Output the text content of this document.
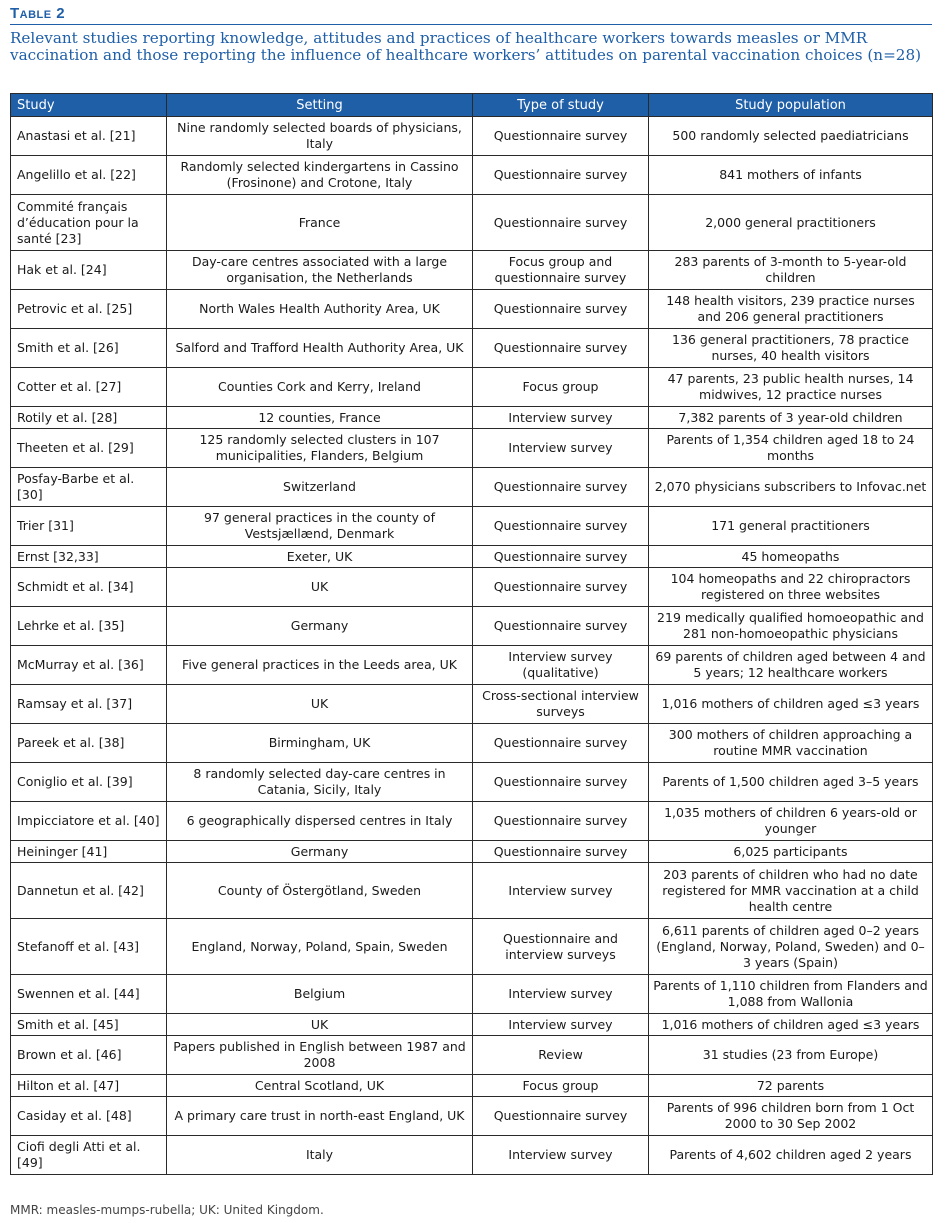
Table 2
Relevant studies reporting knowledge, attitudes and practices of healthcare workers towards measles or MMR vaccination and those reporting the influence of healthcare workers’ attitudes on parental vaccination choices (n=28)
Study	Setting	Type of study	Study population
Anastasi et al. [21]	Nine randomly selected boards of physicians, Italy	Questionnaire survey	500 randomly selected paediatricians
Angelillo et al. [22]	Randomly selected kindergartens in Cassino (Frosinone) and Crotone, Italy	Questionnaire survey	841 mothers of infants
Commité français d’éducation pour la santé [23]	France	Questionnaire survey	2,000 general practitioners
Hak et al. [24]	Day-care centres associated with a large organisation, the Netherlands	Focus group and questionnaire survey	283 parents of 3-month to 5-year-old children
Petrovic et al. [25]	North Wales Health Authority Area, UK	Questionnaire survey	148 health visitors, 239 practice nurses and 206 general practitioners
Smith et al. [26]	Salford and Trafford Health Authority Area, UK	Questionnaire survey	136 general practitioners, 78 practice nurses, 40 health visitors
Cotter et al. [27]	Counties Cork and Kerry, Ireland	Focus group	47 parents, 23 public health nurses, 14 midwives, 12 practice nurses
Rotily et al. [28]	12 counties, France	Interview survey	7,382 parents of 3 year-old children
Theeten et al. [29]	125 randomly selected clusters in 107 municipalities, Flanders, Belgium	Interview survey	Parents of 1,354 children aged 18 to 24 months
Posfay-Barbe et al. [30]	Switzerland	Questionnaire survey	2,070 physicians subscribers to Infovac.net
Trier [31]	97 general practices in the county of Vestsjællænd, Denmark	Questionnaire survey	171 general practitioners
Ernst [32,33]	Exeter, UK	Questionnaire survey	45 homeopaths
Schmidt et al. [34]	UK	Questionnaire survey	104 homeopaths and 22 chiropractors registered on three websites
Lehrke et al. [35]	Germany	Questionnaire survey	219 medically qualified homoeopathic and 281 non-homoeopathic physicians
McMurray et al. [36]	Five general practices in the Leeds area, UK	Interview survey (qualitative)	69 parents of children aged between 4 and 5 years; 12 healthcare workers
Ramsay et al. [37]	UK	Cross-sectional interview surveys	1,016 mothers of children aged ≤3 years
Pareek et al. [38]	Birmingham, UK	Questionnaire survey	300 mothers of children approaching a routine MMR vaccination
Coniglio et al. [39]	8 randomly selected day-care centres in Catania, Sicily, Italy	Questionnaire survey	Parents of 1,500 children aged 3–5 years
Impicciatore et al. [40]	6 geographically dispersed centres in Italy	Questionnaire survey	1,035 mothers of children 6 years-old or younger
Heininger [41]	Germany	Questionnaire survey	6,025 participants
Dannetun et al. [42]	County of Östergötland, Sweden	Interview survey	203 parents of children who had no date registered for MMR vaccination at a child health centre
Stefanoff et al. [43]	England, Norway, Poland, Spain, Sweden	Questionnaire and interview surveys	6,611 parents of children aged 0–2 years (England, Norway, Poland, Sweden) and 0–3 years (Spain)
Swennen et al. [44]	Belgium	Interview survey	Parents of 1,110 children from Flanders and 1,088 from Wallonia
Smith et al. [45]	UK	Interview survey	1,016 mothers of children aged ≤3 years
Brown et al. [46]	Papers published in English between 1987 and 2008	Review	31 studies (23 from Europe)
Hilton et al. [47]	Central Scotland, UK	Focus group	72 parents
Casiday et al. [48]	A primary care trust in north-east England, UK	Questionnaire survey	Parents of 996 children born from 1 Oct 2000 to 30 Sep 2002
Ciofi degli Atti et al. [49]	Italy	Interview survey	Parents of 4,602 children aged 2 years
MMR: measles-mumps-rubella; UK: United Kingdom.
